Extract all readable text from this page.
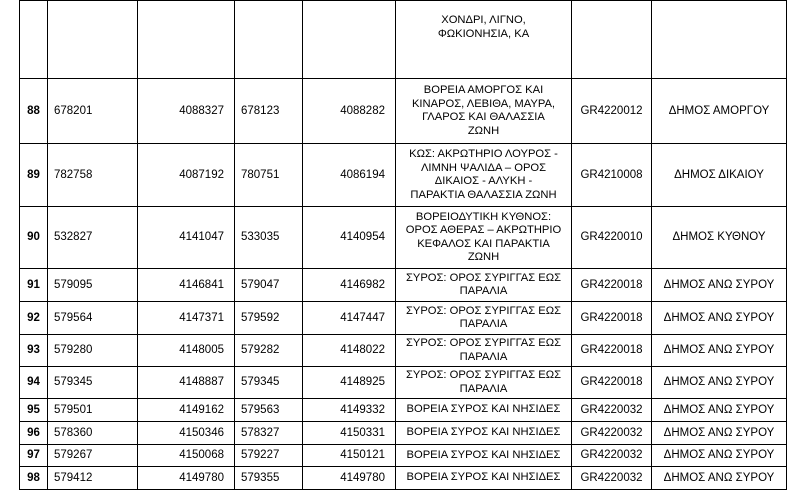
					ΧΟΝΔΡΙ, ΛΙΓΝΟ,
ΦΩΚΙΟΝΗΣΙΑ, ΚΑ		

88	678201	4088327	678123	4088282	ΒΟΡΕΙΑ ΑΜΟΡΓΟΣ ΚΑΙ
ΚΙΝΑΡΟΣ, ΛΕΒΙΘΑ, ΜΑΥΡΑ,
ΓΛΑΡΟΣ ΚΑΙ ΘΑΛΑΣΣΙΑ
ΖΩΝΗ	GR4220012	ΔΗΜΟΣ ΑΜΟΡΓΟΥ
89	782758	4087192	780751	4086194	ΚΩΣ: ΑΚΡΩΤΗΡΙΟ ΛΟΥΡΟΣ -
ΛΙΜΝΗ ΨΑΛΙΔΑ – ΟΡΟΣ
ΔΙΚΑΙΟΣ - ΑΛΥΚΗ -
ΠΑΡΑΚΤΙΑ ΘΑΛΑΣΣΙΑ ΖΩΝΗ	GR4210008	ΔΗΜΟΣ ΔΙΚΑΙΟΥ
90	532827	4141047	533035	4140954	ΒΟΡΕΙΟΔΥΤΙΚΗ ΚΥΘΝΟΣ:
ΟΡΟΣ ΑΘΕΡΑΣ – ΑΚΡΩΤΗΡΙΟ
ΚΕΦΑΛΟΣ ΚΑΙ ΠΑΡΑΚΤΙΑ
ΖΩΝΗ	GR4220010	ΔΗΜΟΣ ΚΥΘΝΟΥ
91	579095	4146841	579047	4146982	ΣΥΡΟΣ: ΟΡΟΣ ΣΥΡΙΓΓΑΣ ΕΩΣ
ΠΑΡΑΛΙΑ	GR4220018	ΔΗΜΟΣ ΑΝΩ ΣΥΡΟΥ
92	579564	4147371	579592	4147447	ΣΥΡΟΣ: ΟΡΟΣ ΣΥΡΙΓΓΑΣ ΕΩΣ
ΠΑΡΑΛΙΑ	GR4220018	ΔΗΜΟΣ ΑΝΩ ΣΥΡΟΥ
93	579280	4148005	579282	4148022	ΣΥΡΟΣ: ΟΡΟΣ ΣΥΡΙΓΓΑΣ ΕΩΣ
ΠΑΡΑΛΙΑ	GR4220018	ΔΗΜΟΣ ΑΝΩ ΣΥΡΟΥ
94	579345	4148887	579345	4148925	ΣΥΡΟΣ: ΟΡΟΣ ΣΥΡΙΓΓΑΣ ΕΩΣ
ΠΑΡΑΛΙΑ	GR4220018	ΔΗΜΟΣ ΑΝΩ ΣΥΡΟΥ
95	579501	4149162	579563	4149332	ΒΟΡΕΙΑ ΣΥΡΟΣ ΚΑΙ ΝΗΣΙΔΕΣ	GR4220032	ΔΗΜΟΣ ΑΝΩ ΣΥΡΟΥ
96	578360	4150346	578327	4150331	ΒΟΡΕΙΑ ΣΥΡΟΣ ΚΑΙ ΝΗΣΙΔΕΣ	GR4220032	ΔΗΜΟΣ ΑΝΩ ΣΥΡΟΥ
97	579267	4150068	579227	4150121	ΒΟΡΕΙΑ ΣΥΡΟΣ ΚΑΙ ΝΗΣΙΔΕΣ	GR4220032	ΔΗΜΟΣ ΑΝΩ ΣΥΡΟΥ
98	579412	4149780	579355	4149780	ΒΟΡΕΙΑ ΣΥΡΟΣ ΚΑΙ ΝΗΣΙΔΕΣ	GR4220032	ΔΗΜΟΣ ΑΝΩ ΣΥΡΟΥ
